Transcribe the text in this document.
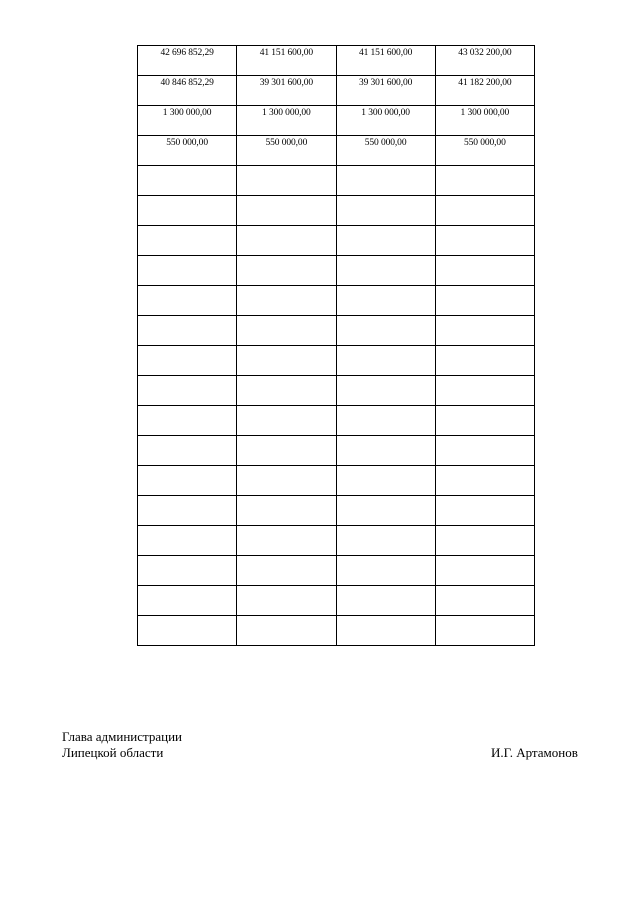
42 696 852,29	41 151 600,00	41 151 600,00	43 032 200,00

40 846 852,29	39 301 600,00	39 301 600,00	41 182 200,00

1 300 000,00	1 300 000,00	1 300 000,00	1 300 000,00

550 000,00	550 000,00	550 000,00	550 000,00

Глава администрации
Липецкой области	И.Г. Артамонов
